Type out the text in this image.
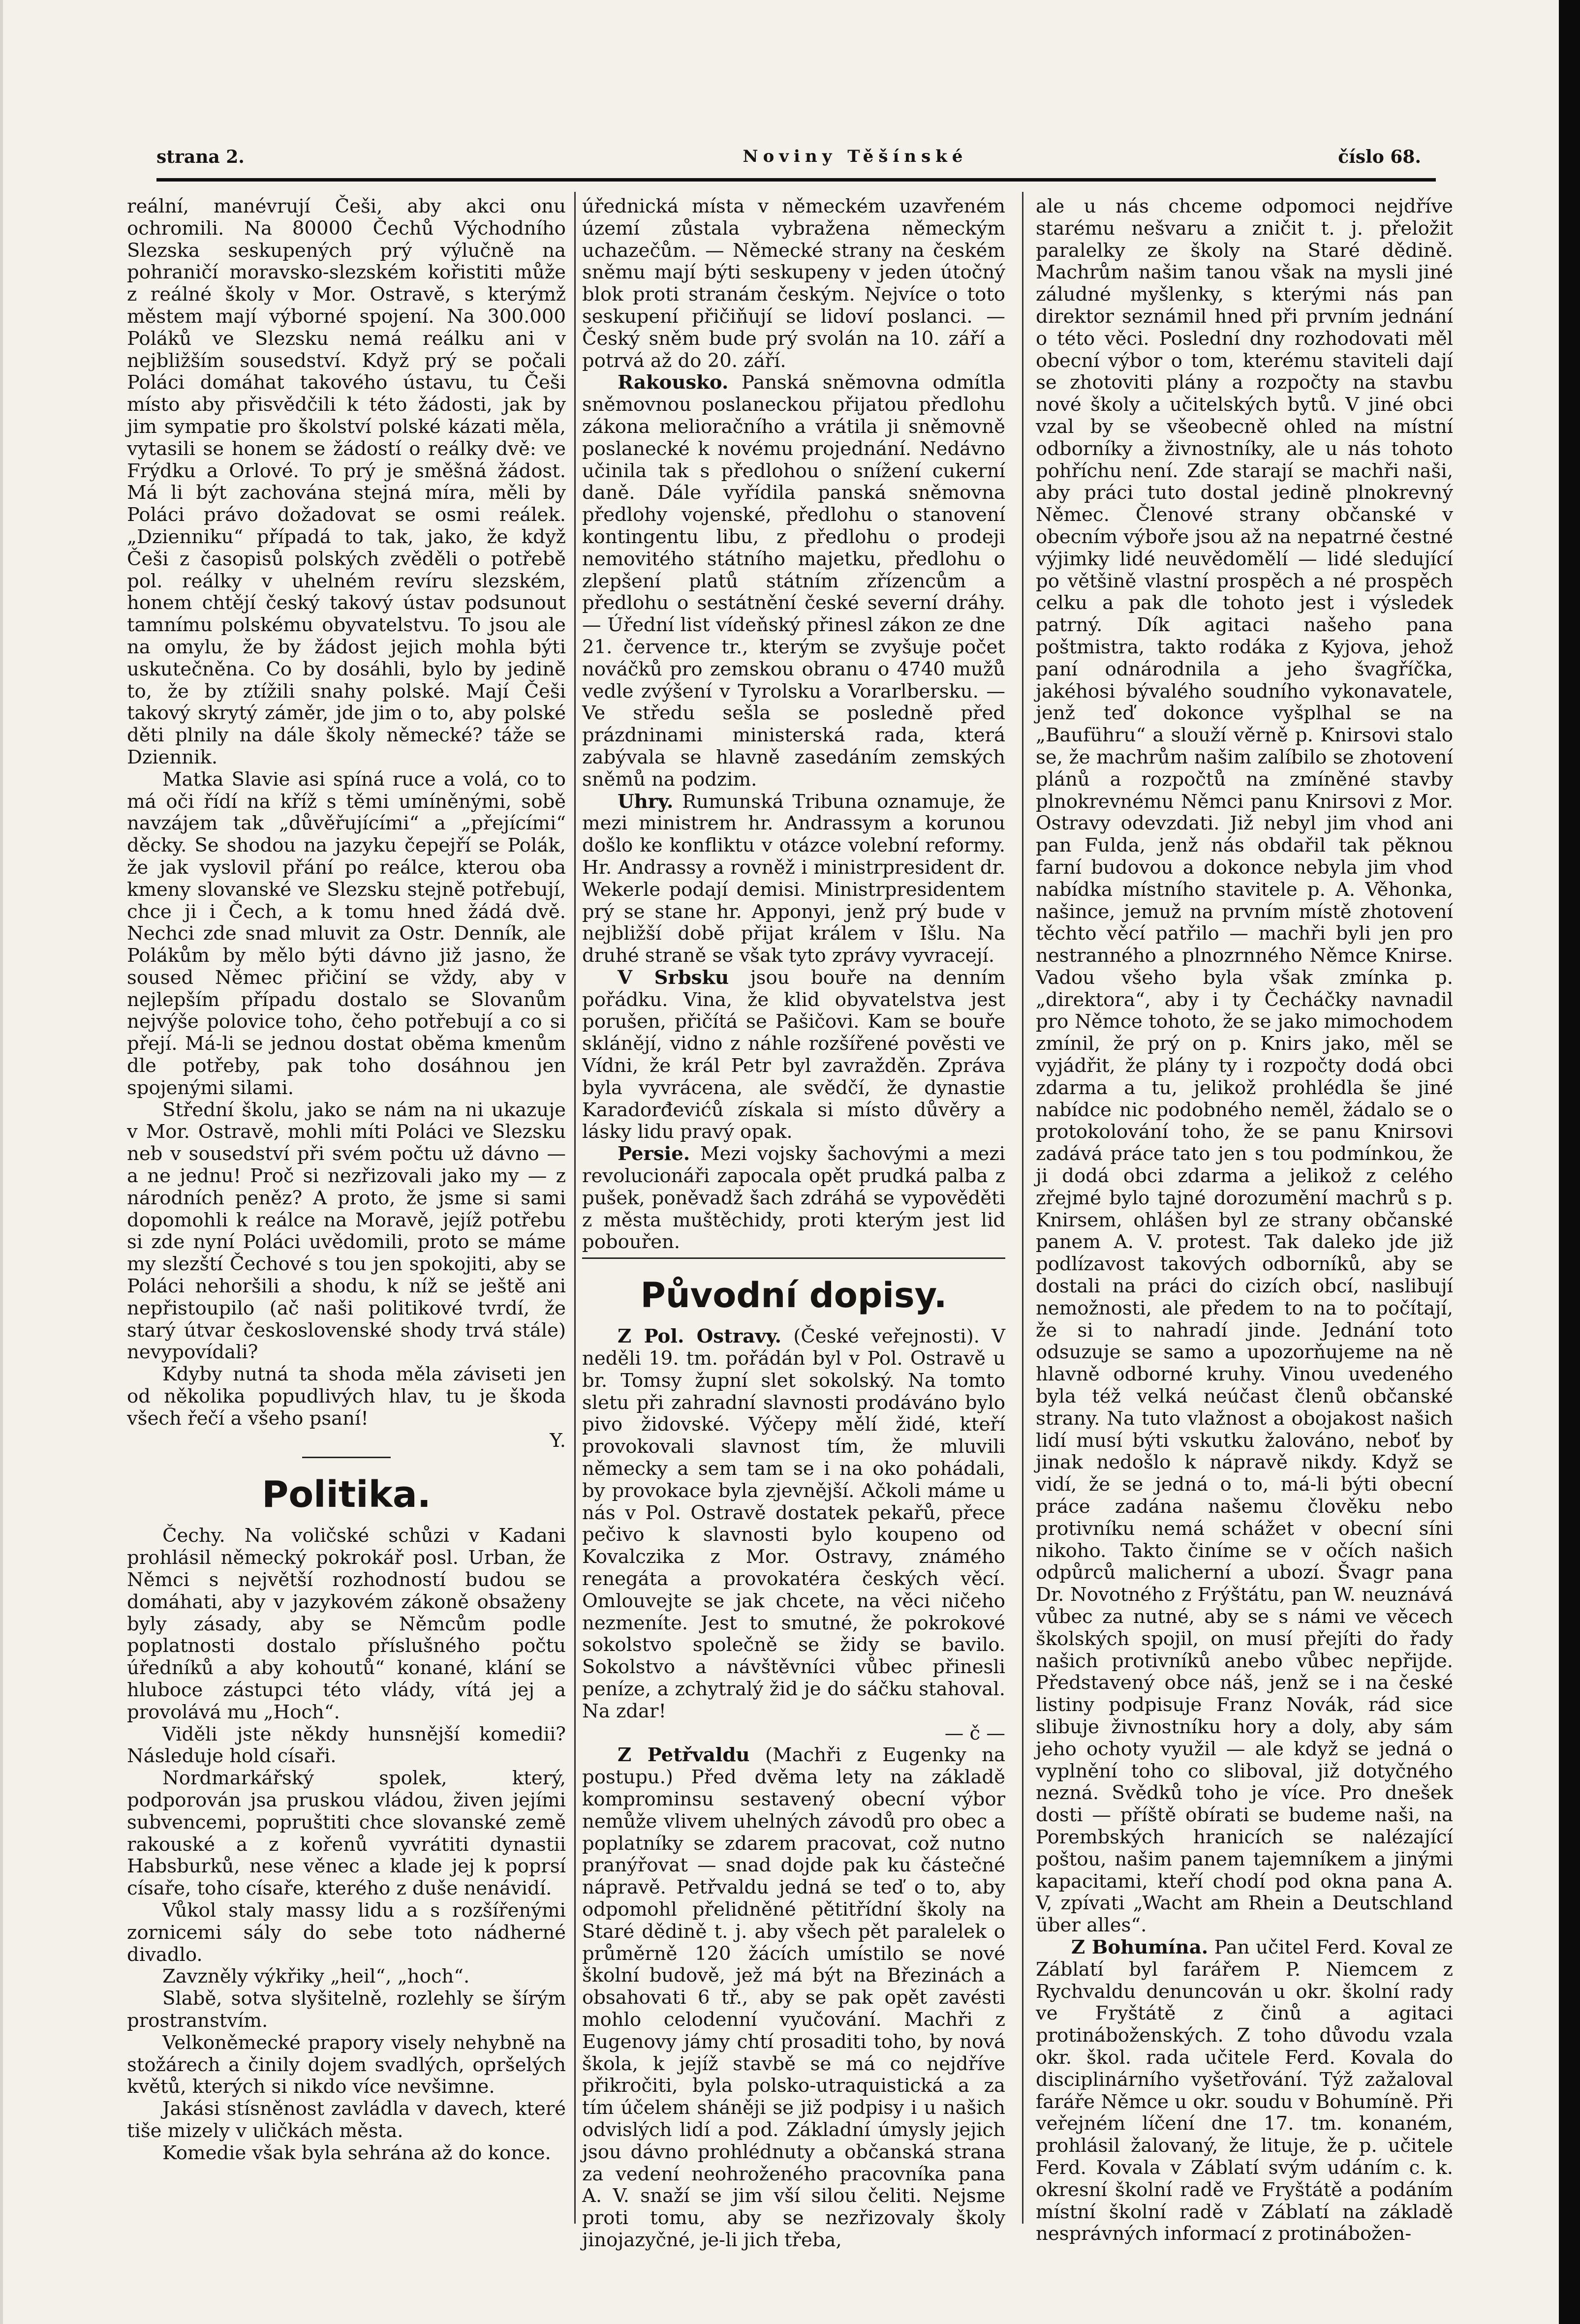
strana 2.	Noviny Těšínské	číslo 68.

reální, manévrují Češi, aby akci onu ochromili. Na 80000 Čechů Východního Slezska seskupených prý výlučně na pohraničí moravsko-slezském kořistiti může z reálné školy v Mor. Ostravě, s kterýmž městem mají výborné spojení. Na 300.000 Poláků ve Slezsku nemá reálku ani v nejbližším sousedství. Když prý se počali Poláci domáhat takového ústavu, tu Češi místo aby přisvědčili k této žádosti, jak by jim sympatie pro školství polské kázati měla, vytasili se honem se žádostí o reálky dvě: ve Frýdku a Orlové. To prý je směšná žádost. Má li být zachována stejná míra, měli by Poláci právo dožadovat se osmi reálek. „Dzienniku“ případá to tak, jako, že když Češi z časopisů polských zvěděli o potřebě pol. reálky v uhelném revíru slezském, honem chtějí český takový ústav podsunout tamnímu polskému obyvatelstvu. To jsou ale na omylu, že by žádost jejich mohla býti uskutečněna. Co by dosáhli, bylo by jedině to, že by ztížili snahy polské. Mají Češi takový skrytý záměr, jde jim o to, aby polské děti plnily na dále školy německé? táže se Dziennik.

Matka Slavie asi spíná ruce a volá, co to má oči řídí na kříž s těmi umíněnými, sobě navzájem tak „důvěřujícími“ a „přejícími“ děcky. Se shodou na jazyku čepejří se Polák, že jak vyslovil přání po reálce, kterou oba kmeny slovanské ve Slezsku stejně potřebují, chce ji i Čech, a k tomu hned žádá dvě. Nechci zde snad mluvit za Ostr. Denník, ale Polákům by mělo býti dávno již jasno, že soused Němec přičiní se vždy, aby v nejlepším případu dostalo se Slovanům nejvýše polovice toho, čeho potřebují a co si přejí. Má-li se jednou dostat oběma kmenům dle potřeby, pak toho dosáhnou jen spojenými silami.

Střední školu, jako se nám na ni ukazuje v Mor. Ostravě, mohli míti Poláci ve Slezsku neb v sousedství při svém počtu už dávno — a ne jednu! Proč si nezřizovali jako my — z národních peněz? A proto, že jsme si sami dopomohli k reálce na Moravě, jejíž potřebu si zde nyní Poláci uvědomili, proto se máme my slezští Čechové s tou jen spokojiti, aby se Poláci nehoršili a shodu, k níž se ještě ani nepřistoupilo (ač naši politikové tvrdí, že starý útvar československé shody trvá stále) nevypovídali?

Kdyby nutná ta shoda měla záviseti jen od několika popudlivých hlav, tu je škoda všech řečí a všeho psaní!

Y.
Politika.

Čechy. Na voličské schůzi v Kadani prohlásil německý pokrokář posl. Urban, že Němci s největší rozhodností budou se domáhati, aby v jazykovém zákoně obsaženy byly zásady, aby se Němcům podle poplatnosti dostalo příslušného počtu úředníků a aby kohoutů“ konané, klání se hluboce zástupci této vlády, vítá jej a provolává mu „Hoch“.

Viděli jste někdy hunsnější komedii? Následuje hold císaři.

Nordmarkářský spolek, který, podporován jsa pruskou vládou, živen jejími subvencemi, popruštiti chce slovanské země rakouské a z kořenů vyvrátiti dynastii Habsburků, nese věnec a klade jej k poprsí císaře, toho císaře, kterého z duše nenávidí.

Vůkol staly massy lidu a s rozšířenými zornicemi sály do sebe toto nádherné divadlo.

Zavzněly výkřiky „heil“, „hoch“.

Slabě, sotva slyšitelně, rozlehly se šírým prostranstvím.

Velkoněmecké prapory visely nehybně na stožárech a činily dojem svadlých, opršelých květů, kterých si nikdo více nevšimne.

Jakási stísněnost zavládla v davech, které tiše mizely v uličkách města.

Komedie však byla sehrána až do konce.

úřednická místa v německém uzavřeném území zůstala vybražena německým uchazečům. — Německé strany na českém sněmu mají býti seskupeny v jeden útočný blok proti stranám českým. Nejvíce o toto seskupení přičiňují se lidoví poslanci. — Český sněm bude prý svolán na 10. září a potrvá až do 20. září.

Rakousko. Panská sněmovna odmítla sněmovnou poslaneckou přijatou předlohu zákona melioračního a vrátila ji sněmovně poslanecké k novému projednání. Nedávno učinila tak s předlohou o snížení cukerní daně. Dále vyřídila panská sněmovna předlohy vojenské, předlohu o stanovení kontingentu libu, z předlohu o prodeji nemovitého státního majetku, předlohu o zlepšení platů státním zřízencům a předlohu o sestátnění české severní dráhy. — Úřední list vídeňský přinesl zákon ze dne 21. července tr., kterým se zvyšuje počet nováčků pro zemskou obranu o 4740 mužů vedle zvýšení v Tyrolsku a Vorarlbersku. — Ve středu sešla se posledně před prázdninami ministerská rada, která zabývala se hlavně zasedáním zemských sněmů na podzim.

Uhry. Rumunská Tribuna oznamuje, že mezi ministrem hr. Andrassym a korunou došlo ke konfliktu v otázce volební reformy. Hr. Andrassy a rovněž i ministrpresident dr. Wekerle podají demisi. Ministrpresidentem prý se stane hr. Apponyi, jenž prý bude v nejbližší době přijat králem v Išlu. Na druhé straně se však tyto zprávy vyvracejí.

V Srbsku jsou bouře na denním pořádku. Vina, že klid obyvatelstva jest porušen, přičítá se Pašičovi. Kam se bouře sklánějí, vidno z náhle rozšířené pověsti ve Vídni, že král Petr byl zavražděn. Zpráva byla vyvrácena, ale svědčí, že dynastie Karadorđevićů získala si místo důvěry a lásky lidu pravý opak.

Persie. Mezi vojsky šachovými a mezi revolucionáři zapocala opět prudká palba z pušek, poněvadž šach zdráhá se vypověděti z města muštěchidy, proti kterým jest lid pobouřen.

Původní dopisy.

Z Pol. Ostravy. (České veřejnosti). V neděli 19. tm. pořádán byl v Pol. Ostravě u br. Tomsy župní slet sokolský. Na tomto sletu při zahradní slavnosti prodáváno bylo pivo židovské. Výčepy mělí židé, kteří provokovali slavnost tím, že mluvili německy a sem tam se i na oko pohádali, by provokace byla zjevnější. Ačkoli máme u nás v Pol. Ostravě dostatek pekařů, přece pečivo k slavnosti bylo koupeno od Kovalczika z Mor. Ostravy, známého renegáta a provokatéra českých věcí. Omlouvejte se jak chcete, na věci ničeho nezmeníte. Jest to smutné, že pokrokové sokolstvo společně se židy se bavilo. Sokolstvo a návštěvníci vůbec přinesli peníze, a zchytralý žid je do sáčku stahoval. Na zdar!

— č —

Z Petřvaldu (Machři z Eugenky na postupu.) Před dvěma lety na základě komprominsu sestavený obecní výbor nemůže vlivem uhelných závodů pro obec a poplatníky se zdarem pracovat, což nutno pranýřovat — snad dojde pak ku částečné nápravě. Petřvaldu jedná se teď o to, aby odpomohl přelidněné pětitřídní školy na Staré dědině t. j. aby všech pět paralelek o průměrně 120 žácích umístilo se nové školní budově, jež má být na Březinách a obsahovati 6 tř., aby se pak opět zavésti mohlo celodenní vyučování. Machři z Eugenovy jámy chtí prosaditi toho, by nová škola, k jejíž stavbě se má co nejdříve přikročiti, byla polsko-utraquistická a za tím účelem sháněji se již podpisy i u našich odvislých lidí a pod. Základní úmysly jejich jsou dávno prohlédnuty a občanská strana za vedení neohroženého pracovníka pana A. V. snaží se jim vší silou čeliti. Nejsme proti tomu, aby se nezřizovaly školy jinojazyčné, je-li jich třeba,

ale u nás chceme odpomoci nejdříve starému nešvaru a zničit t. j. přeložit paralelky ze školy na Staré dědině. Machrům našim tanou však na mysli jiné záludné myšlenky, s kterými nás pan direktor seznámil hned při prvním jednání o této věci. Poslední dny rozhodovati měl obecní výbor o tom, kterému staviteli dají se zhotoviti plány a rozpočty na stavbu nové školy a učitelských bytů. V jiné obci vzal by se všeobecně ohled na místní odborníky a živnostníky, ale u nás tohoto pohříchu není. Zde starají se machři naši, aby práci tuto dostal jedině plnokrevný Němec. Členové strany občanské v obecním výboře jsou až na nepatrné čestné výjimky lidé neuvědomělí — lidé sledující po většině vlastní prospěch a né prospěch celku a pak dle tohoto jest i výsledek patrný. Dík agitaci našeho pana poštmistra, takto rodáka z Kyjova, jehož paní odnárodnila a jeho švagříčka, jakéhosi bývalého soudního vykonavatele, jenž teď dokonce vyšplhal se na „Bauführu“ a slouží věrně p. Knirsovi stalo se, že machrům našim zalíbilo se zhotovení plánů a rozpočtů na zmíněné stavby plnokrevnému Němci panu Knirsovi z Mor. Ostravy odevzdati. Již nebyl jim vhod ani pan Fulda, jenž nás obdařil tak pěknou farní budovou a dokonce nebyla jim vhod nabídka místního stavitele p. A. Věhonka, našince, jemuž na prvním místě zhotovení těchto věcí patřilo — machři byli jen pro nestranného a plnozrnného Němce Knirse. Vadou všeho byla však zmínka p. „direktora“, aby i ty Čecháčky navnadil pro Němce tohoto, že se jako mimochodem zmínil, že prý on p. Knirs jako, měl se vyjádřit, že plány ty i rozpočty dodá obci zdarma a tu, jelikož prohlédla še jiné nabídce nic podobného neměl, žádalo se o protokolování toho, že se panu Knirsovi zadává práce tato jen s tou podmínkou, že ji dodá obci zdarma a jelikož z celého zřejmé bylo tajné dorozumění machrů s p. Knirsem, ohlášen byl ze strany občanské panem A. V. protest. Tak daleko jde již podlízavost takových odborníků, aby se dostali na práci do cizích obcí, naslibují nemožnosti, ale předem to na to počítají, že si to nahradí jinde. Jednání toto odsuzuje se samo a upozorňujeme na ně hlavně odborné kruhy. Vinou uvedeného byla též velká neúčast členů občanské strany. Na tuto vlažnost a obojakost našich lidí musí býti vskutku žalováno, neboť by jinak nedošlo k nápravě nikdy. Když se vidí, že se jedná o to, má-li býti obecní práce zadána našemu člověku nebo protivníku nemá schážet v obecní síni nikoho. Takto činíme se v očích našich odpůrců malicherní a ubozí. Švagr pana Dr. Novotného z Frýštátu, pan W. neuznává vůbec za nutné, aby se s námi ve věcech školských spojil, on musí přejíti do řady našich protivníků anebo vůbec nepřijde. Představený obce náš, jenž se i na české listiny podpisuje Franz Novák, rád sice slibuje živnostníku hory a doly, aby sám jeho ochoty využil — ale když se jedná o vyplnění toho co sliboval, již dotyčného nezná. Svědků toho je více. Pro dnešek dosti — příště obírati se budeme naši, na Porembských hranicích se nalézající poštou, našim panem tajemníkem a jinými kapacitami, kteří chodí pod okna pana A. V, zpívati „Wacht am Rhein a Deutschland über alles“.

Z Bohumína. Pan učitel Ferd. Koval ze Záblatí byl farářem P. Niemcem z Rychvaldu denuncován u okr. školní rady ve Fryštátě z činů a agitaci protináboženských. Z toho důvodu vzala okr. škol. rada učitele Ferd. Kovala do disciplinárního vyšetřování. Týž zažaloval faráře Němce u okr. soudu v Bohumíně. Při veřejném líčení dne 17. tm. konaném, prohlásil žalovaný, že lituje, že p. učitele Ferd. Kovala v Záblatí svým udáním c. k. okresní školní radě ve Fryštátě a podáním místní školní radě v Záblatí na základě nesprávných informací z protinábožen-
